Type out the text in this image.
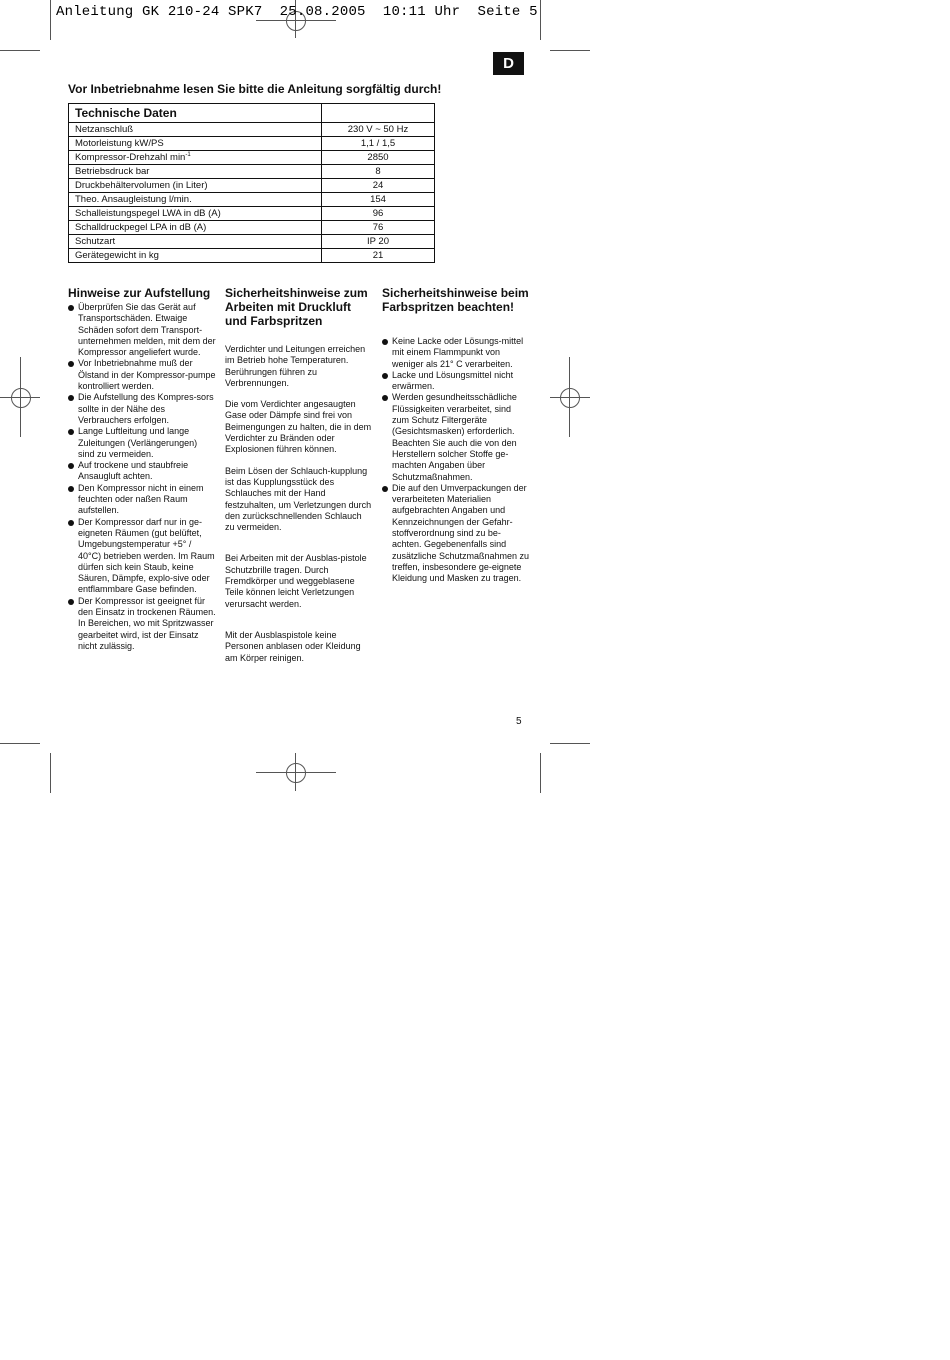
Anleitung GK 210-24 SPK7  25.08.2005  10:11 Uhr  Seite 5
D
Vor Inbetriebnahme lesen Sie bitte die Anleitung sorgfältig durch!
Technische Daten	
Netzanschluß	230 V ~ 50 Hz
Motorleistung kW/PS	1,1 / 1,5
Kompressor-Drehzahl $\min^{-1}$	2850
Betriebsdruck bar	8
Druckbehältervolumen (in Liter)	24
Theo. Ansaugleistung l/min.	154
Schalleistungspegel LWA in dB (A)	96
Schalldruckpegel LPA in dB (A)	76
Schutzart	IP 20
Gerätegewicht in kg	21
Hinweise zur Aufstellung
Überprüfen Sie das Gerät auf Transportschäden. Etwaige Schäden sofort dem Transport-unternehmen melden, mit dem der Kompressor angeliefert wurde.
Vor Inbetriebnahme muß der Ölstand in der Kompressor-pumpe kontrolliert werden.
Die Aufstellung des Kompres-sors sollte in der Nähe des Verbrauchers erfolgen.
Lange Luftleitung und lange Zuleitungen (Verlängerungen) sind zu vermeiden.
Auf trockene und staubfreie Ansaugluft achten.
Den Kompressor nicht in einem feuchten oder naßen Raum aufstellen.
Der Kompressor darf nur in ge-eigneten Räumen (gut belüftet, Umgebungstemperatur +5° / 40°C) betrieben werden. Im Raum dürfen sich kein Staub, keine Säuren, Dämpfe, explo-sive oder entflammbare Gase befinden.
Der Kompressor ist geeignet für den Einsatz in trockenen Räumen. In Bereichen, wo mit Spritzwasser gearbeitet wird, ist der Einsatz nicht zulässig.
Sicherheitshinweise zum Arbeiten mit Druckluft und Farbspritzen

Verdichter und Leitungen erreichen im Betrieb hohe Temperaturen. Berührungen führen zu Verbrennungen.

Die vom Verdichter angesaugten Gase oder Dämpfe sind frei von Beimengungen zu halten, die in dem Verdichter zu Bränden oder Explosionen führen können.

Beim Lösen der Schlauch-kupplung ist das Kupplungsstück des Schlauches mit der Hand festzuhalten, um Verletzungen durch den zurückschnellenden Schlauch zu vermeiden.

Bei Arbeiten mit der Ausblas-pistole Schutzbrille tragen. Durch Fremdkörper und weggeblasene Teile können leicht Verletzungen verursacht werden.

Mit der Ausblaspistole keine Personen anblasen oder Kleidung am Körper reinigen.

Sicherheitshinweise beim Farbspritzen beachten!
Keine Lacke oder Lösungs-mittel mit einem Flammpunkt von weniger als 21° C verarbeiten.
Lacke und Lösungsmittel nicht erwärmen.
Werden gesundheitsschädliche Flüssigkeiten verarbeitet, sind zum Schutz Filtergeräte (Gesichtsmasken) erforderlich. Beachten Sie auch die von den Herstellern solcher Stoffe ge-machten Angaben über Schutzmaßnahmen.
Die auf den Umverpackungen der verarbeiteten Materialien aufgebrachten Angaben und Kennzeichnungen der Gefahr-stoffverordnung sind zu be-achten. Gegebenenfalls sind zusätzliche Schutzmaßnahmen zu treffen, insbesondere ge-eignete Kleidung und Masken zu tragen.
5
